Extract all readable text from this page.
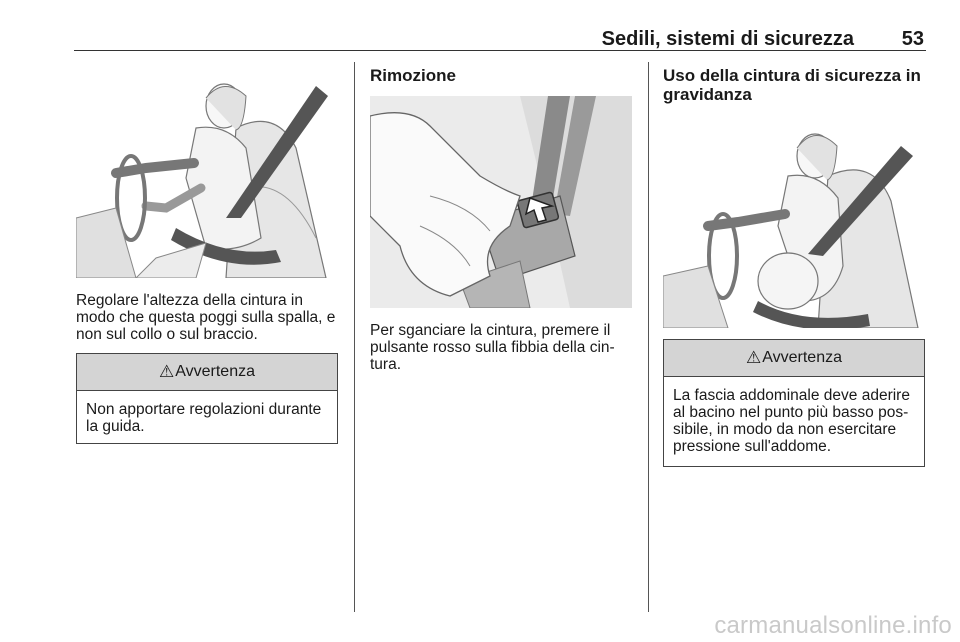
Sedili, sistemi di sicurezza 53

Regolare l'altezza della cintura in modo che questa poggi sulla spalla, e non sul collo o sul braccio.

⚠ Avvertenza
Non apportare regolazioni durante la guida.
Rimozione

Per sganciare la cintura, premere il pulsante rosso sulla fibbia della cin-tura.

Uso della cintura di sicurezza in gravidanza
⚠ Avvertenza
La fascia addominale deve aderire al bacino nel punto più basso pos-sibile, in modo da non esercitare pressione sull'addome.
carmanualsonline.info
